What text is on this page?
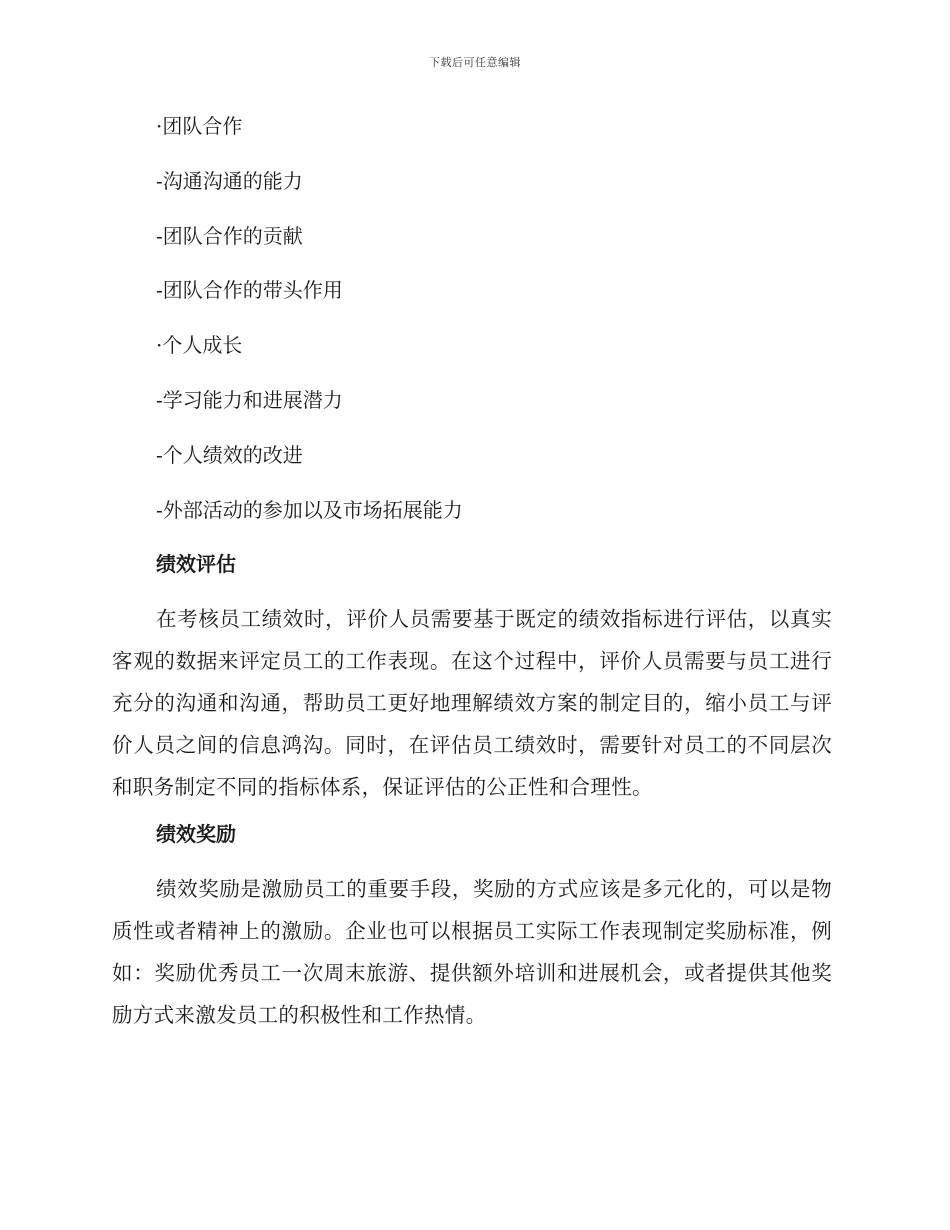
下载后可任意编辑
·团队合作
-沟通沟通的能力
-团队合作的贡献
-团队合作的带头作用
·个人成长
-学习能力和进展潜力
-个人绩效的改进
-外部活动的参加以及市场拓展能力
绩效评估

在考核员工绩效时，评价人员需要基于既定的绩效指标进行评估，以真实客观的数据来评定员工的工作表现。在这个过程中，评价人员需要与员工进行充分的沟通和沟通，帮助员工更好地理解绩效方案的制定目的，缩小员工与评价人员之间的信息鸿沟。同时，在评估员工绩效时，需要针对员工的不同层次和职务制定不同的指标体系，保证评估的公正性和合理性。

绩效奖励

绩效奖励是激励员工的重要手段，奖励的方式应该是多元化的，可以是物质性或者精神上的激励。企业也可以根据员工实际工作表现制定奖励标准，例如：奖励优秀员工一次周末旅游、提供额外培训和进展机会，或者提供其他奖励方式来激发员工的积极性和工作热情。
